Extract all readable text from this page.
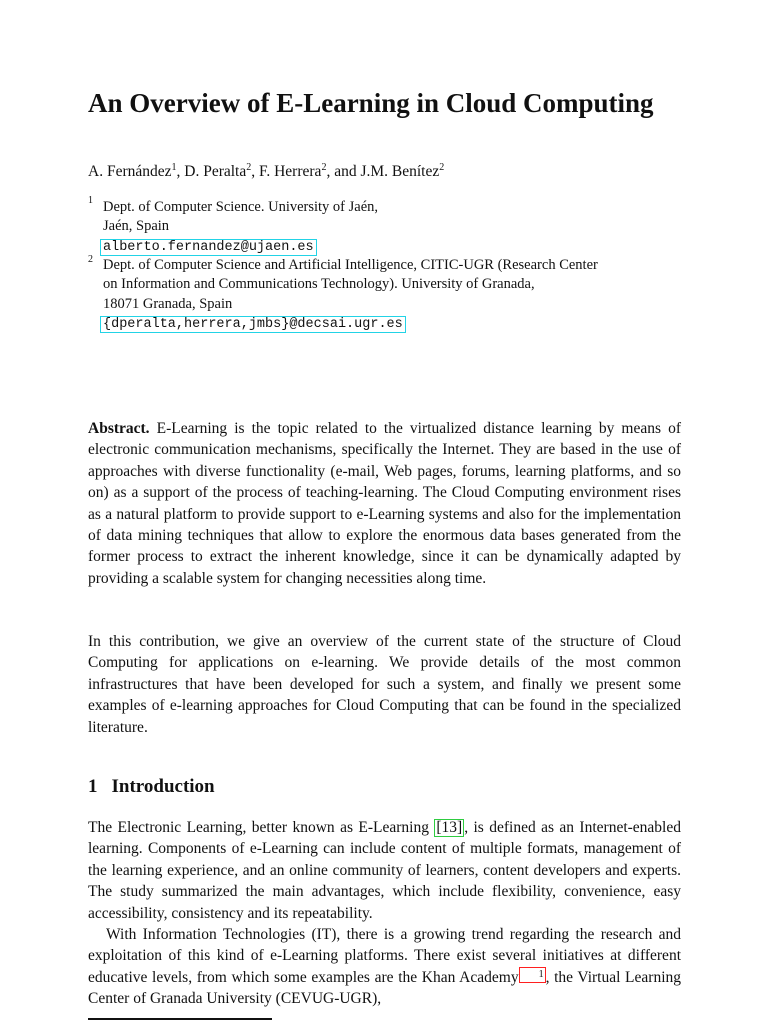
An Overview of E-Learning in Cloud Computing
A. Fernández$^1$, D. Peralta$^2$, F. Herrera$^2$, and J.M. Benítez$^2$
1 Dept. of Computer Science. University of Jaén,
Jaén, Spain
alberto.fernandez@ujaen.es
2 Dept. of Computer Science and Artificial Intelligence, CITIC-UGR (Research Center
on Information and Communications Technology). University of Granada,
18071 Granada, Spain
{dperalta,herrera,jmbs}@decsai.ugr.es

Abstract. E-Learning is the topic related to the virtualized distance learning by means of electronic communication mechanisms, specifically the Internet. They are based in the use of approaches with diverse functionality (e-mail, Web pages, forums, learning platforms, and so on) as a support of the process of teaching-learning. The Cloud Computing environment rises as a natural platform to provide support to e-Learning systems and also for the implementation of data mining techniques that allow to explore the enormous data bases generated from the former process to extract the inherent knowledge, since it can be dynamically adapted by providing a scalable system for changing necessities along time.

In this contribution, we give an overview of the current state of the structure of Cloud Computing for applications on e-learning. We provide details of the most common infrastructures that have been developed for such a system, and finally we present some examples of e-learning approaches for Cloud Computing that can be found in the specialized literature.

1 Introduction

The Electronic Learning, better known as E-Learning [13] , is defined as an Internet-enabled learning. Components of e-Learning can include content of multiple formats, management of the learning experience, and an online community of learners, content developers and experts. The study summarized the main advantages, which include flexibility, convenience, easy accessibility, consistency and its repeatability.

With Information Technologies (IT), there is a growing trend regarding the research and exploitation of this kind of e-Learning platforms. There exist several initiatives at different educative levels, from which some examples are the Khan Academy 1 , the Virtual Learning Center of Granada University (CEVUG-UGR),
